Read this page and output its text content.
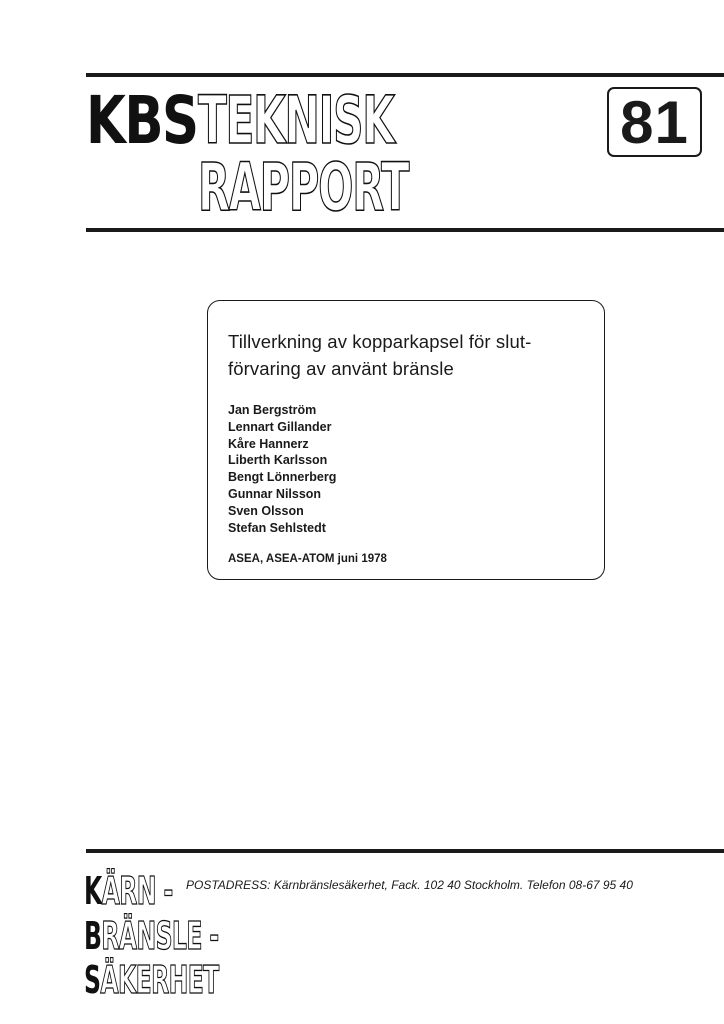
KBS TEKNISK
RAPPORT
81
Tillverkning av kopparkapsel för slut-
förvaring av använt bränsle
Jan Bergström
Lennart Gillander
Kåre Hannerz
Liberth Karlsson
Bengt Lönnerberg
Gunnar Nilsson
Sven Olsson
Stefan Sehlstedt
ASEA, ASEA-ATOM juni 1978
KÄRN -
BRÄNSLE -
SÄKERHET
POSTADRESS: Kärnbränslesäkerhet, Fack. 102 40 Stockholm. Telefon 08-67 95 40
